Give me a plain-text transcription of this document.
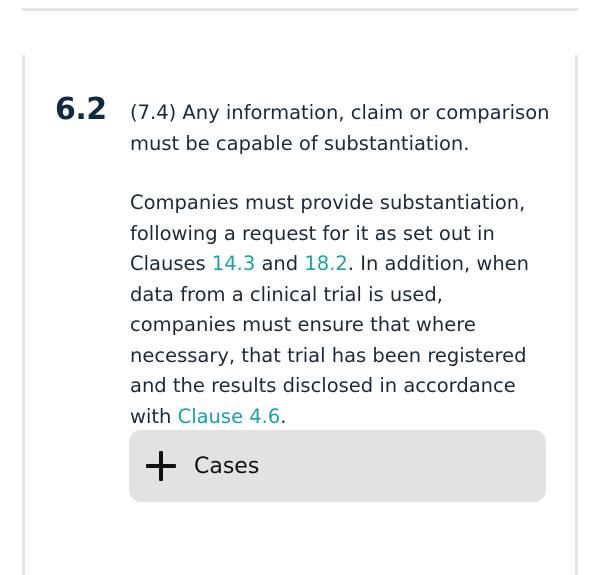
6.2 (7.4) Any information, claim or comparison must be capable of substantiation.

Companies must provide substantiation, following a request for it as set out in Clauses 14.3 and 18.2. In addition, when data from a clinical trial is used, companies must ensure that where necessary, that trial has been registered and the results disclosed in accordance with Clause 4.6.

Cases
